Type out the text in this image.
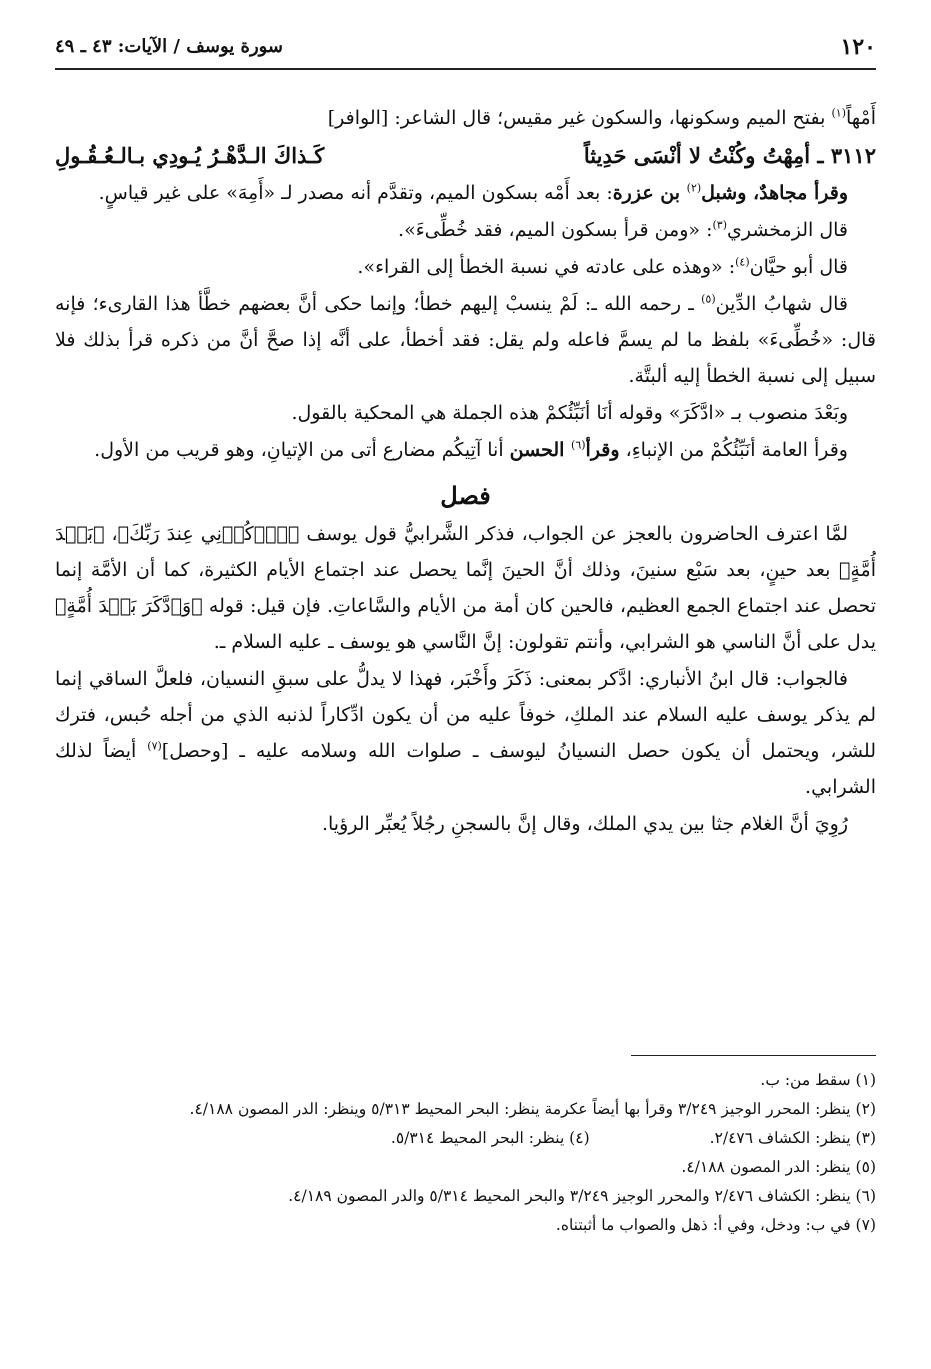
١٢٠
سورة يوسف / الآيات: ٤٣ ـ ٤٩

أَمْهاً$^{(١)}$ بفتح الميم وسكونها، والسكون غير مقيس؛ قال الشاعر: [الوافر]

٣١١٢ ـ أمِهْتُ وكُنْتُ لا أنْسَى حَدِيثاً
كَـذاكَ الـدَّهْـرُ يُـودِي بـالـعُـقُـولِ

وقرأ مجاهدٌ، وشبل$^{(٢)}$ بن عزرة: بعد أَمْه بسكون الميم، وتقدَّم أنه مصدر لـ «أَمِهَ» على غير قياسٍ.

قال الزمخشري$^{(٣)}$: «ومن قرأ بسكون الميم، فقد خُطِّىءَ».

قال أبو حيَّان$^{(٤)}$: «وهذه على عادته في نسبة الخطأ إلى القراء».

قال شهابُ الدِّين$^{(٥)}$ ـ رحمه الله ـ: لَمْ ينسبْ إليهم خطأ؛ وإنما حكى أنَّ بعضهم خطَّأ هذا القارىء؛ فإنه قال: «خُطِّىءَ» بلفظ ما لم يسمَّ فاعله ولم يقل: فقد أخطأ، على أنَّه إذا صحَّ أنَّ من ذكره قرأ بذلك فلا سبيل إلى نسبة الخطأ إليه ألبتَّة.

وبَعْدَ منصوب بـ «ادَّكَرَ» وقوله أنَا أنَبِّئُكمْ هذه الجملة هي المحكية بالقول.

وقرأ العامة أنَبِّئُكُمْ من الإنباءِ، وقرأ$^{(٦)}$ الحسن أنا آتِيكُم مضارع أتى من الإتيانِ، وهو قريب من الأول.

فصل

لمَّا اعترف الحاضرون بالعجز عن الجواب، فذكر الشَّرابيُّ قول يوسف ﴿ٱذۡكُرۡنِي عِندَ رَبِّكَ﴾، ﴿بَعۡدَ أُمَّةٍ﴾ بعد حينٍ، بعد سَبْع سنينَ، وذلك أنَّ الحينَ إنَّما يحصل عند اجتماع الأيام الكثيرة، كما أن الأمَّة إنما تحصل عند اجتماع الجمع العظيم، فالحين كان أمة من الأيام والسَّاعاتِ. فإن قيل: قوله ﴿وَٱدَّكَرَ بَعۡدَ أُمَّةٍ﴾ يدل على أنَّ الناسي هو الشرابي، وأنتم تقولون: إنَّ النَّاسي هو يوسف ـ عليه السلام ـ.

فالجواب: قال ابنُ الأنباري: ادَّكر بمعنى: ذَكَرَ وأَخْبَر، فهذا لا يدلُّ على سبقِ النسيان، فلعلَّ الساقي إنما لم يذكر يوسف عليه السلام عند الملكِ، خوفاً عليه من أن يكون ادِّكاراً لذنبه الذي من أجله حُبس، فترك للشر، ويحتمل أن يكون حصل النسيانُ ليوسف ـ صلوات الله وسلامه عليه ـ [وحصل]$^{(٧)}$ أيضاً لذلك الشرابي.

رُوِيَ أنَّ الغلام جثا بين يدي الملك، وقال إنَّ بالسجنِ رجُلاً يُعبِّر الرؤيا.

(١) سقط من: ب.

(٢) ينظر: المحرر الوجيز ٣/٢٤٩ وقرأ بها أيضاً عكرمة ينظر: البحر المحيط ٥/٣١٣ وينظر: الدر المصون ٤/١٨٨.

(٣) ينظر: الكشاف ٢/٤٧٦.

(٤) ينظر: البحر المحيط ٥/٣١٤.

(٥) ينظر: الدر المصون ٤/١٨٨.

(٦) ينظر: الكشاف ٢/٤٧٦ والمحرر الوجيز ٣/٢٤٩ والبحر المحيط ٥/٣١٤ والدر المصون ٤/١٨٩.

(٧) في ب: ودخل، وفي أ: ذهل والصواب ما أثبتناه.
